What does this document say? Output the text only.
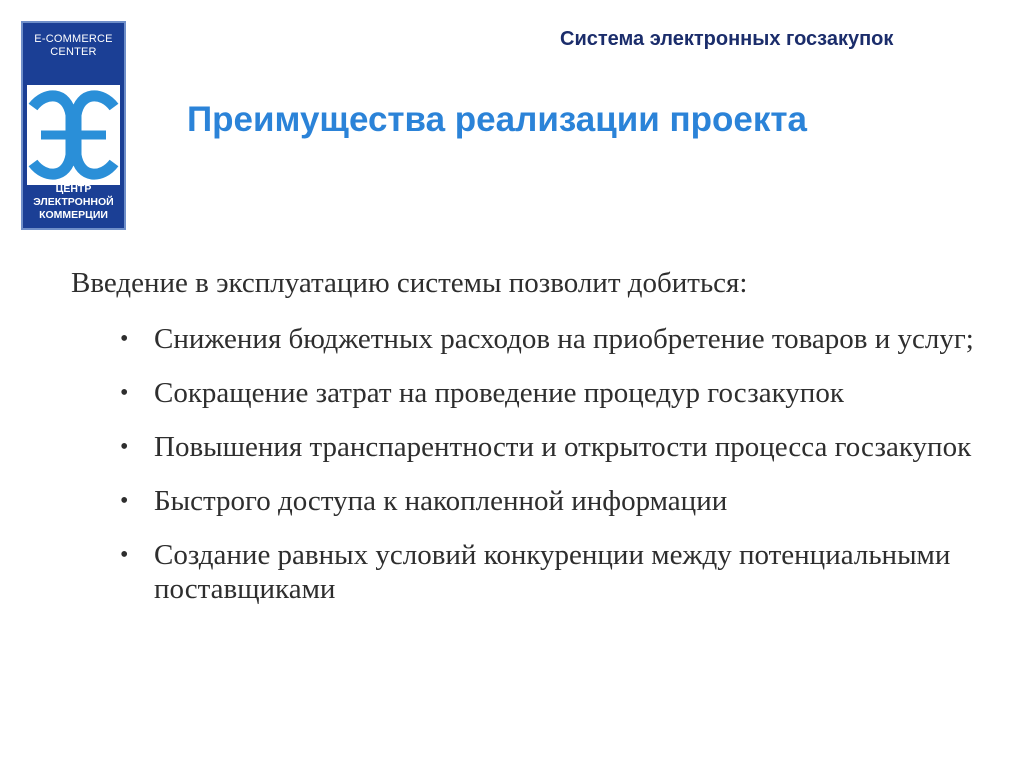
E-COMMERCE CENTER
ЦЕНТР ЭЛЕКТРОННОЙ КОММЕРЦИИ
Система электронных госзакупок
Преимущества реализации проекта
Введение в эксплуатацию системы позволит добиться:
• Снижения бюджетных расходов на приобретение товаров и услуг;
• Сокращение затрат на проведение процедур госзакупок
• Повышения транспарентности и открытости процесса госзакупок
• Быстрого доступа к накопленной информации
• Создание равных условий конкуренции между потенциальными поставщиками
